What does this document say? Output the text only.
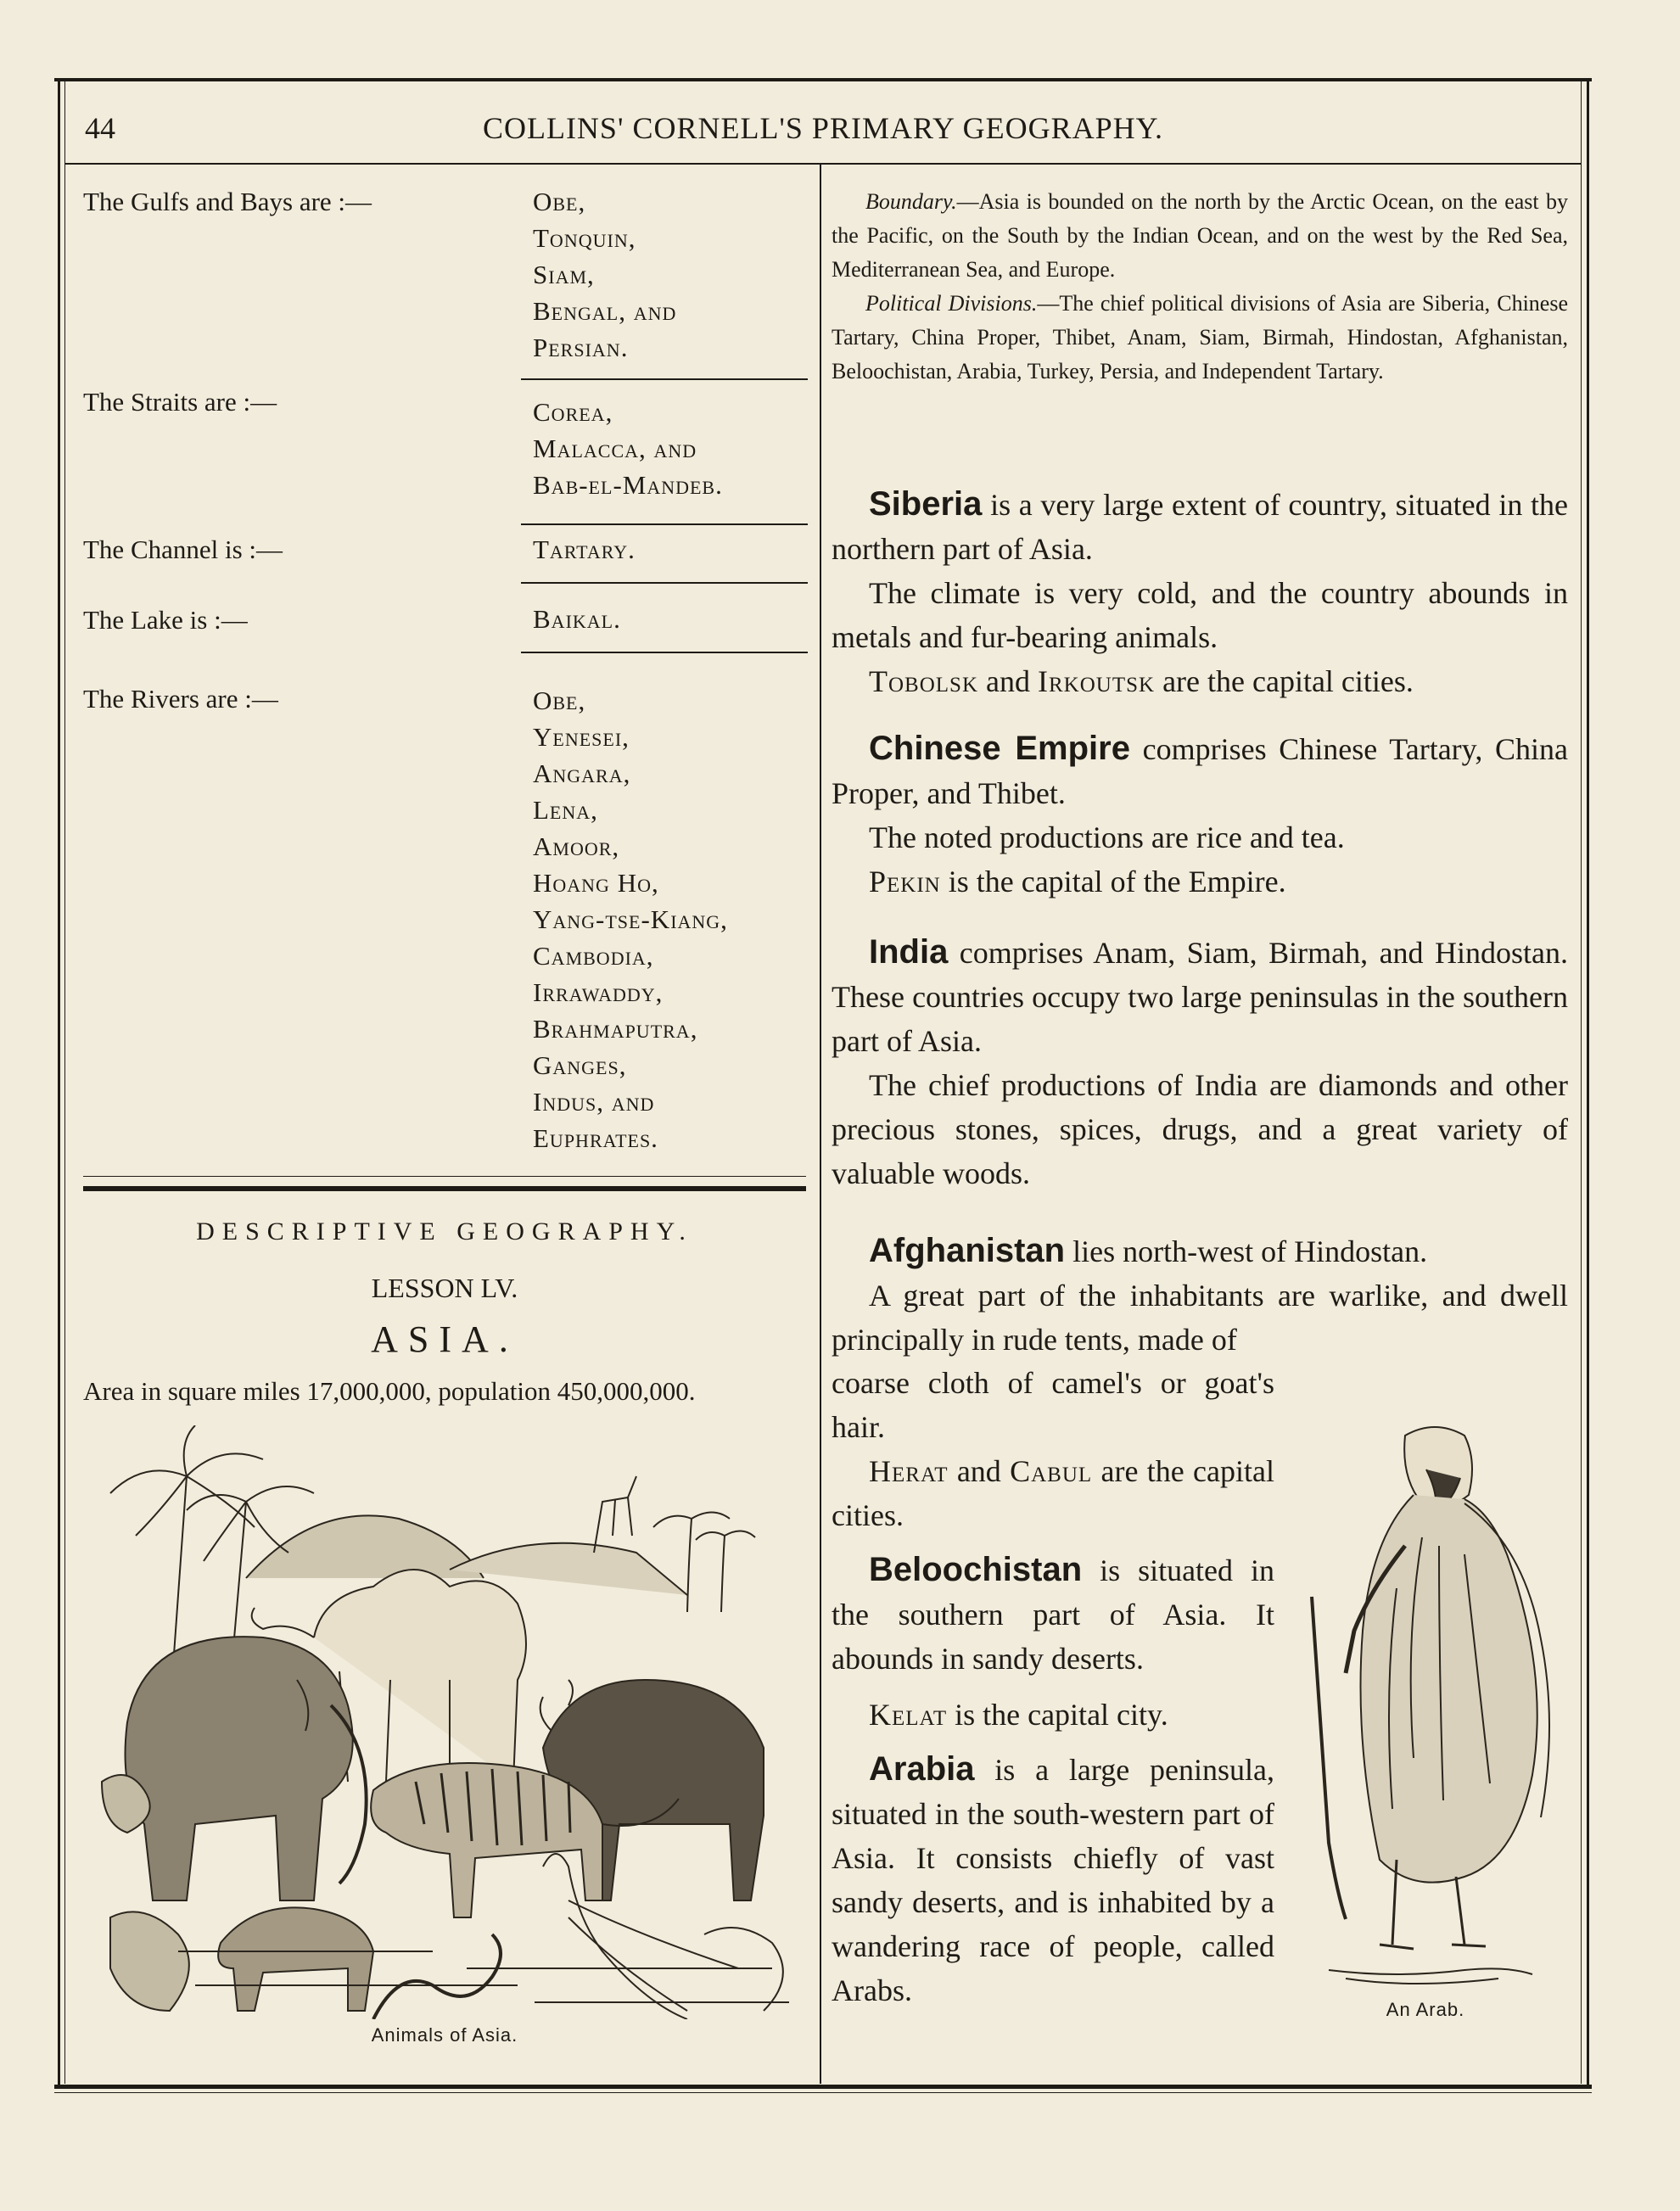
44	COLLINS' CORNELL'S PRIMARY GEOGRAPHY.
The Gulfs and Bays are :—	Obe,
Tonquin,
Siam,
Bengal, and
Persian.
The Straits are :—	Corea,
Malacca, and
Bab-el-Mandeb.
The Channel is :—	Tartary.
The Lake is :—	Baikal.
The Rivers are :—	Obe,
Yenesei,
Angara,
Lena,
Amoor,
Hoang Ho,
Yang-tse-Kiang,
Cambodia,
Irrawaddy,
Brahmaputra,
Ganges,
Indus, and
Euphrates.
DESCRIPTIVE GEOGRAPHY.
LESSON LV.
ASIA.
Area in square miles 17,000,000, population 450,000,000.
Animals of Asia.

Boundary.—Asia is bounded on the north by the Arctic Ocean, on the east by the Pacific, on the South by the Indian Ocean, and on the west by the Red Sea, Mediterranean Sea, and Europe.

Political Divisions.—The chief political divisions of Asia are Siberia, Chinese Tartary, China Proper, Thibet, Anam, Siam, Birmah, Hindostan, Afghanistan, Beloochistan, Arabia, Turkey, Persia, and Independent Tartary.

Siberia is a very large extent of country, situated in the northern part of Asia.

The climate is very cold, and the country abounds in metals and fur-bearing animals.

Tobolsk and Irkoutsk are the capital cities.

Chinese Empire comprises Chinese Tartary, China Proper, and Thibet.

The noted productions are rice and tea.

Pekin is the capital of the Empire.

India comprises Anam, Siam, Birmah, and Hindostan. These countries occupy two large peninsulas in the southern part of Asia.

The chief productions of India are diamonds and other precious stones, spices, drugs, and a great variety of valuable woods.

Afghanistan lies north-west of Hindostan.

A great part of the inhabitants are warlike, and dwell principally in rude tents, made of

coarse cloth of camel's or goat's hair.

Herat and Cabul are the capital cities.

Beloochistan is situated in the southern part of Asia. It abounds in sandy deserts.

Kelat is the capital city.

Arabia is a large peninsula, situated in the south-western part of Asia. It consists chiefly of vast sandy deserts, and is inhabited by a wandering race of people, called Arabs.

An Arab.
